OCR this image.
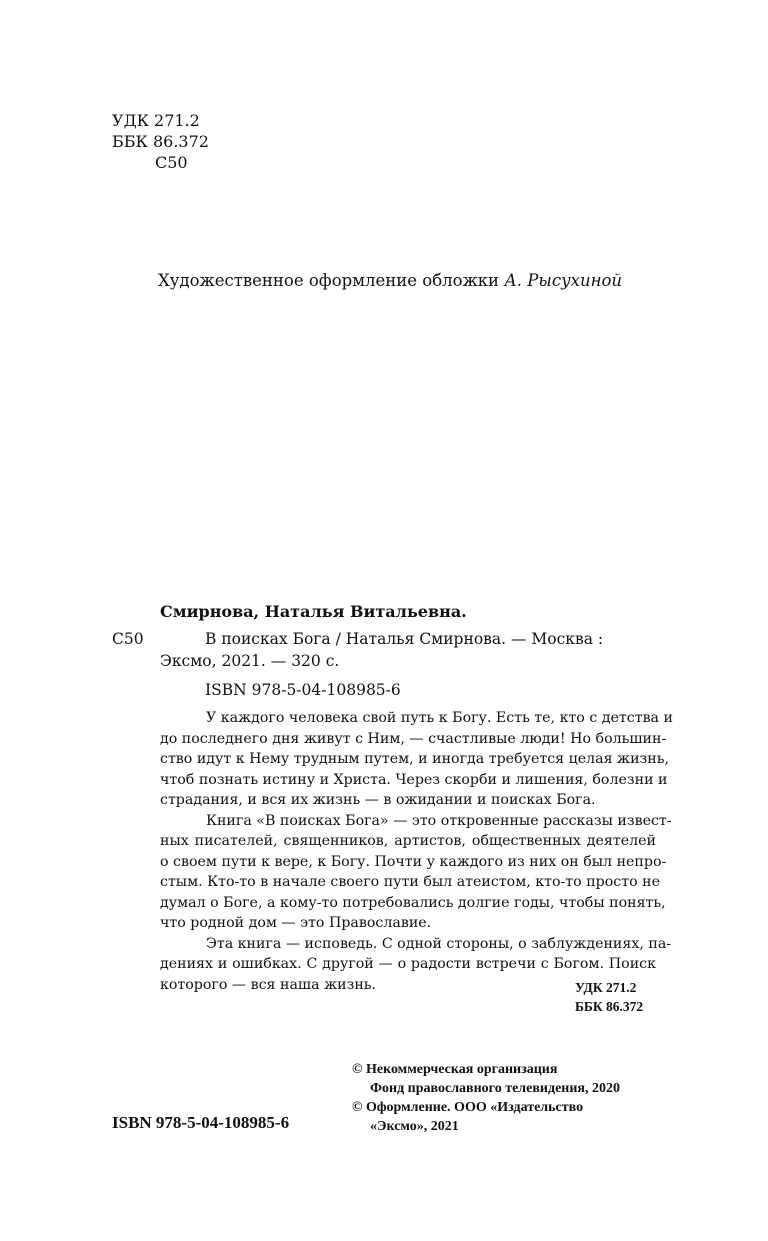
УДК 271.2
ББК 86.372
С50
Художественное оформление обложки А. Рысухиной
Смирнова, Наталья Витальевна.
С50	В поисках Бога / Наталья Смирнова. — Москва :
Эксмо, 2021. — 320 с.
ISBN 978-5-04-108985-6
У каждого человека свой путь к Богу. Есть те, кто с детства и
до последнего дня живут с Ним, — счастливые люди! Но большин-
ство идут к Нему трудным путем, и иногда требуется целая жизнь,
чтоб познать истину и Христа. Через скорби и лишения, болезни и
страдания, и вся их жизнь — в ожидании и поисках Бога.
Книга «В поисках Бога» — это откровенные рассказы извест-
ных писателей, священников, артистов, общественных деятелей
о своем пути к вере, к Богу. Почти у каждого из них он был непро-
стым. Кто-то в начале своего пути был атеистом, кто-то просто не
думал о Боге, а кому-то потребовались долгие годы, чтобы понять,
что родной дом — это Православие.
Эта книга — исповедь. С одной стороны, о заблуждениях, па-
дениях и ошибках. С другой — о радости встречи с Богом. Поиск
которого — вся наша жизнь.	УДК 271.2
ББК 86.372
© Некоммерческая организация
Фонд православного телевидения, 2020
© Оформление. ООО «Издательство
«Эксмо», 2021
ISBN 978-5-04-108985-6
